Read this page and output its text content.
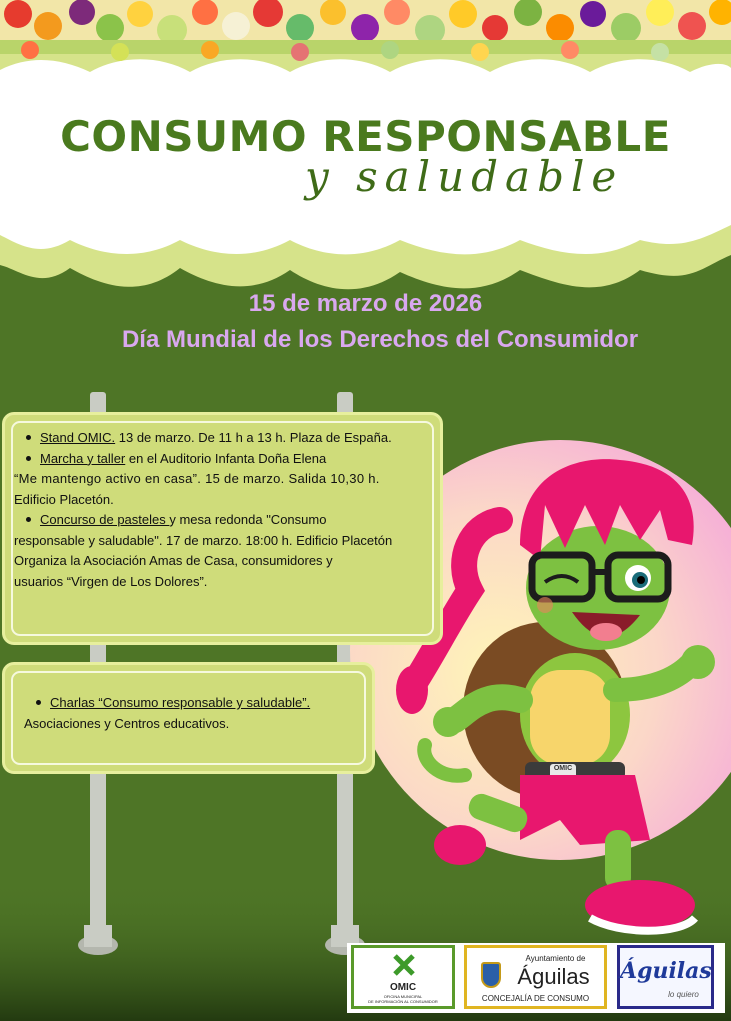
CONSUMO RESPONSABLE
y saludable
15 de marzo de 2026
Día Mundial de los Derechos del Consumidor

Stand OMIC. 13 de marzo. De 11 h a 13 h. Plaza de España.

Marcha y taller en el Auditorio Infanta Doña Elena

“Me mantengo activo en casa”. 15 de marzo. Salida 10,30 h.

Edificio Placetón.

Concurso de pasteles y mesa redonda "Consumo

responsable y saludable". 17 de marzo. 18:00 h. Edificio Placetón

Organiza la Asociación Amas de Casa, consumidores y

usuarios “Virgen de Los Dolores”.

Charlas “Consumo responsable y saludable”.

Asociaciones y Centros educativos.

OMIC
OMIC
OFICINA MUNICIPAL
DE INFORMACIÓN AL CONSUMIDOR
Ayuntamiento de
Águilas
CONCEJALÍA DE CONSUMO
Águilas
lo quiero
